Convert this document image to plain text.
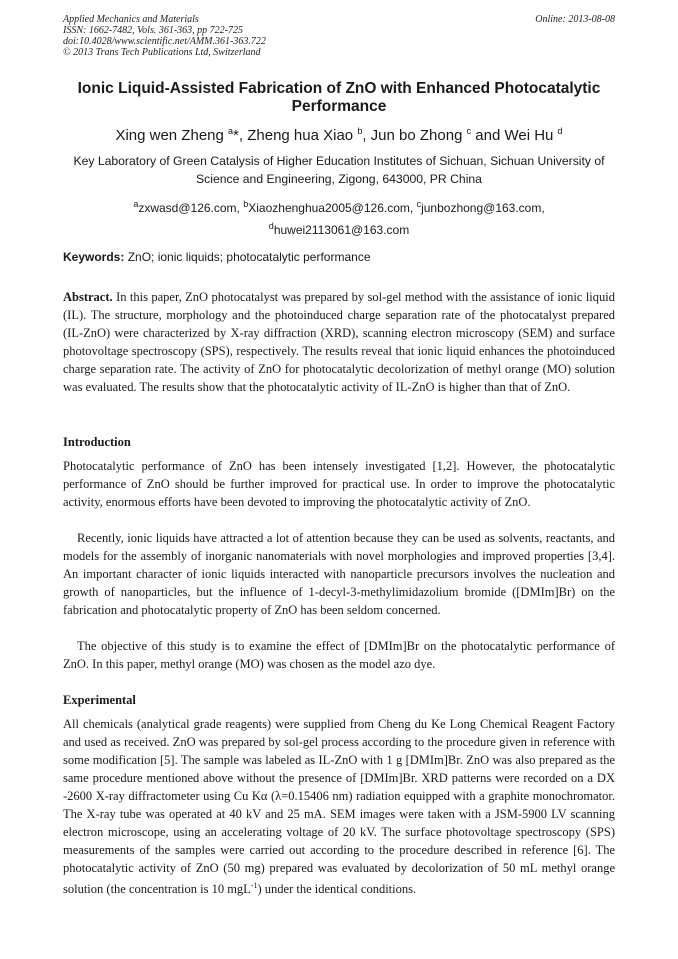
Applied Mechanics and Materials	Online: 2013-08-08
ISSN: 1662-7482, Vols. 361-363, pp 722-725
doi:10.4028/www.scientific.net/AMM.361-363.722
© 2013 Trans Tech Publications Ltd, Switzerland
Ionic Liquid-Assisted Fabrication of ZnO with Enhanced Photocatalytic Performance
Xing wen Zheng $^a$*, Zheng hua Xiao $^b$, Jun bo Zhong $^c$ and Wei Hu $^d$
Key Laboratory of Green Catalysis of Higher Education Institutes of Sichuan, Sichuan University of Science and Engineering, Zigong, 643000, PR China
$^a$zxwasd@126.com, $^b$Xiaozhenghua2005@126.com, $^c$junbozhong@163.com,
$^d$huwei2113061@163.com
Keywords: ZnO; ionic liquids; photocatalytic performance
Abstract. In this paper, ZnO photocatalyst was prepared by sol-gel method with the assistance of ionic liquid (IL). The structure, morphology and the photoinduced charge separation rate of the photocatalyst prepared (IL-ZnO) were characterized by X-ray diffraction (XRD), scanning electron microscopy (SEM) and surface photovoltage spectroscopy (SPS), respectively. The results reveal that ionic liquid enhances the photoinduced charge separation rate. The activity of ZnO for photocatalytic decolorization of methyl orange (MO) solution was evaluated. The results show that the photocatalytic activity of IL-ZnO is higher than that of ZnO.
Introduction

Photocatalytic performance of ZnO has been intensely investigated [1,2]. However, the photocatalytic performance of ZnO should be further improved for practical use. In order to improve the photocatalytic activity, enormous efforts have been devoted to improving the photocatalytic activity of ZnO.

Recently, ionic liquids have attracted a lot of attention because they can be used as solvents, reactants, and models for the assembly of inorganic nanomaterials with novel morphologies and improved properties [3,4]. An important character of ionic liquids interacted with nanoparticle precursors involves the nucleation and growth of nanoparticles, but the influence of 1-decyl-3-methylimidazolium bromide ([DMIm]Br) on the fabrication and photocatalytic property of ZnO has been seldom concerned.

The objective of this study is to examine the effect of [DMIm]Br on the photocatalytic performance of ZnO. In this paper, methyl orange (MO) was chosen as the model azo dye.

Experimental

All chemicals (analytical grade reagents) were supplied from Cheng du Ke Long Chemical Reagent Factory and used as received. ZnO was prepared by sol-gel process according to the procedure given in reference with some modification [5]. The sample was labeled as IL-ZnO with 1 g [DMIm]Br. ZnO was also prepared as the same procedure mentioned above without the presence of [DMIm]Br. XRD patterns were recorded on a DX -2600 X-ray diffractometer using Cu Kα (λ=0.15406 nm) radiation equipped with a graphite monochromator. The X-ray tube was operated at 40 kV and 25 mA. SEM images were taken with a JSM-5900 LV scanning electron microscope, using an accelerating voltage of 20 kV. The surface photovoltage spectroscopy (SPS) measurements of the samples were carried out according to the procedure described in reference [6]. The photocatalytic activity of ZnO (50 mg) prepared was evaluated by decolorization of 50 mL methyl orange solution (the concentration is 10 mgL$^{-1}$) under the identical conditions.
